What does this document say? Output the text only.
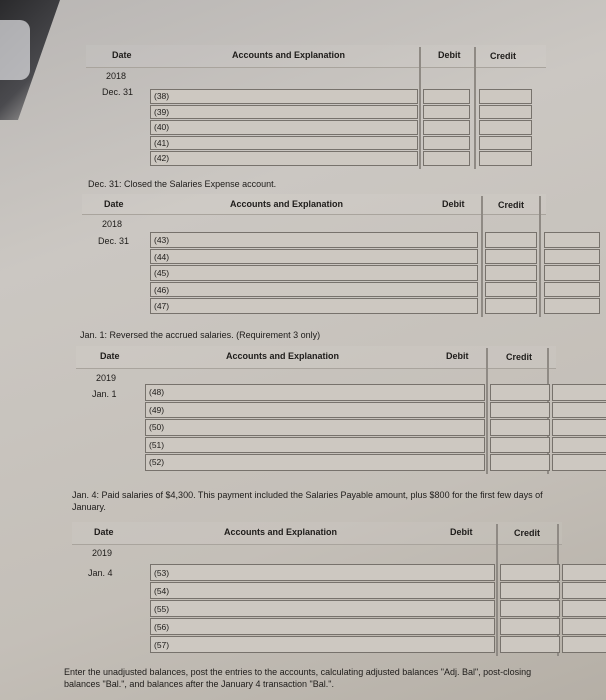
Date	Accounts and Explanation	Debit	Credit
2018
Dec. 31	(38)
(39)
(40)
(41)
(42)
Date	Accounts and Explanation	Debit	Credit
2018
Dec. 31	(43)
(44)
(45)
(46)
(47)
Date	Accounts and Explanation	Debit	Credit
2019
Jan. 1	(48)
(49)
(50)
(51)
(52)
Date	Accounts and Explanation	Debit	Credit
2019
Jan. 4	(53)
(54)
(55)
(56)
(57)
Dec. 31: Closed the Salaries Expense account.
Jan. 1: Reversed the accrued salaries. (Requirement 3 only)
Jan. 4: Paid salaries of $4,300. This payment included the Salaries Payable amount, plus $800 for the first few days of January.
Enter the unadjusted balances, post the entries to the accounts, calculating adjusted balances "Adj. Bal", post-closing balances "Bal.", and balances after the January 4 transaction "Bal.".
